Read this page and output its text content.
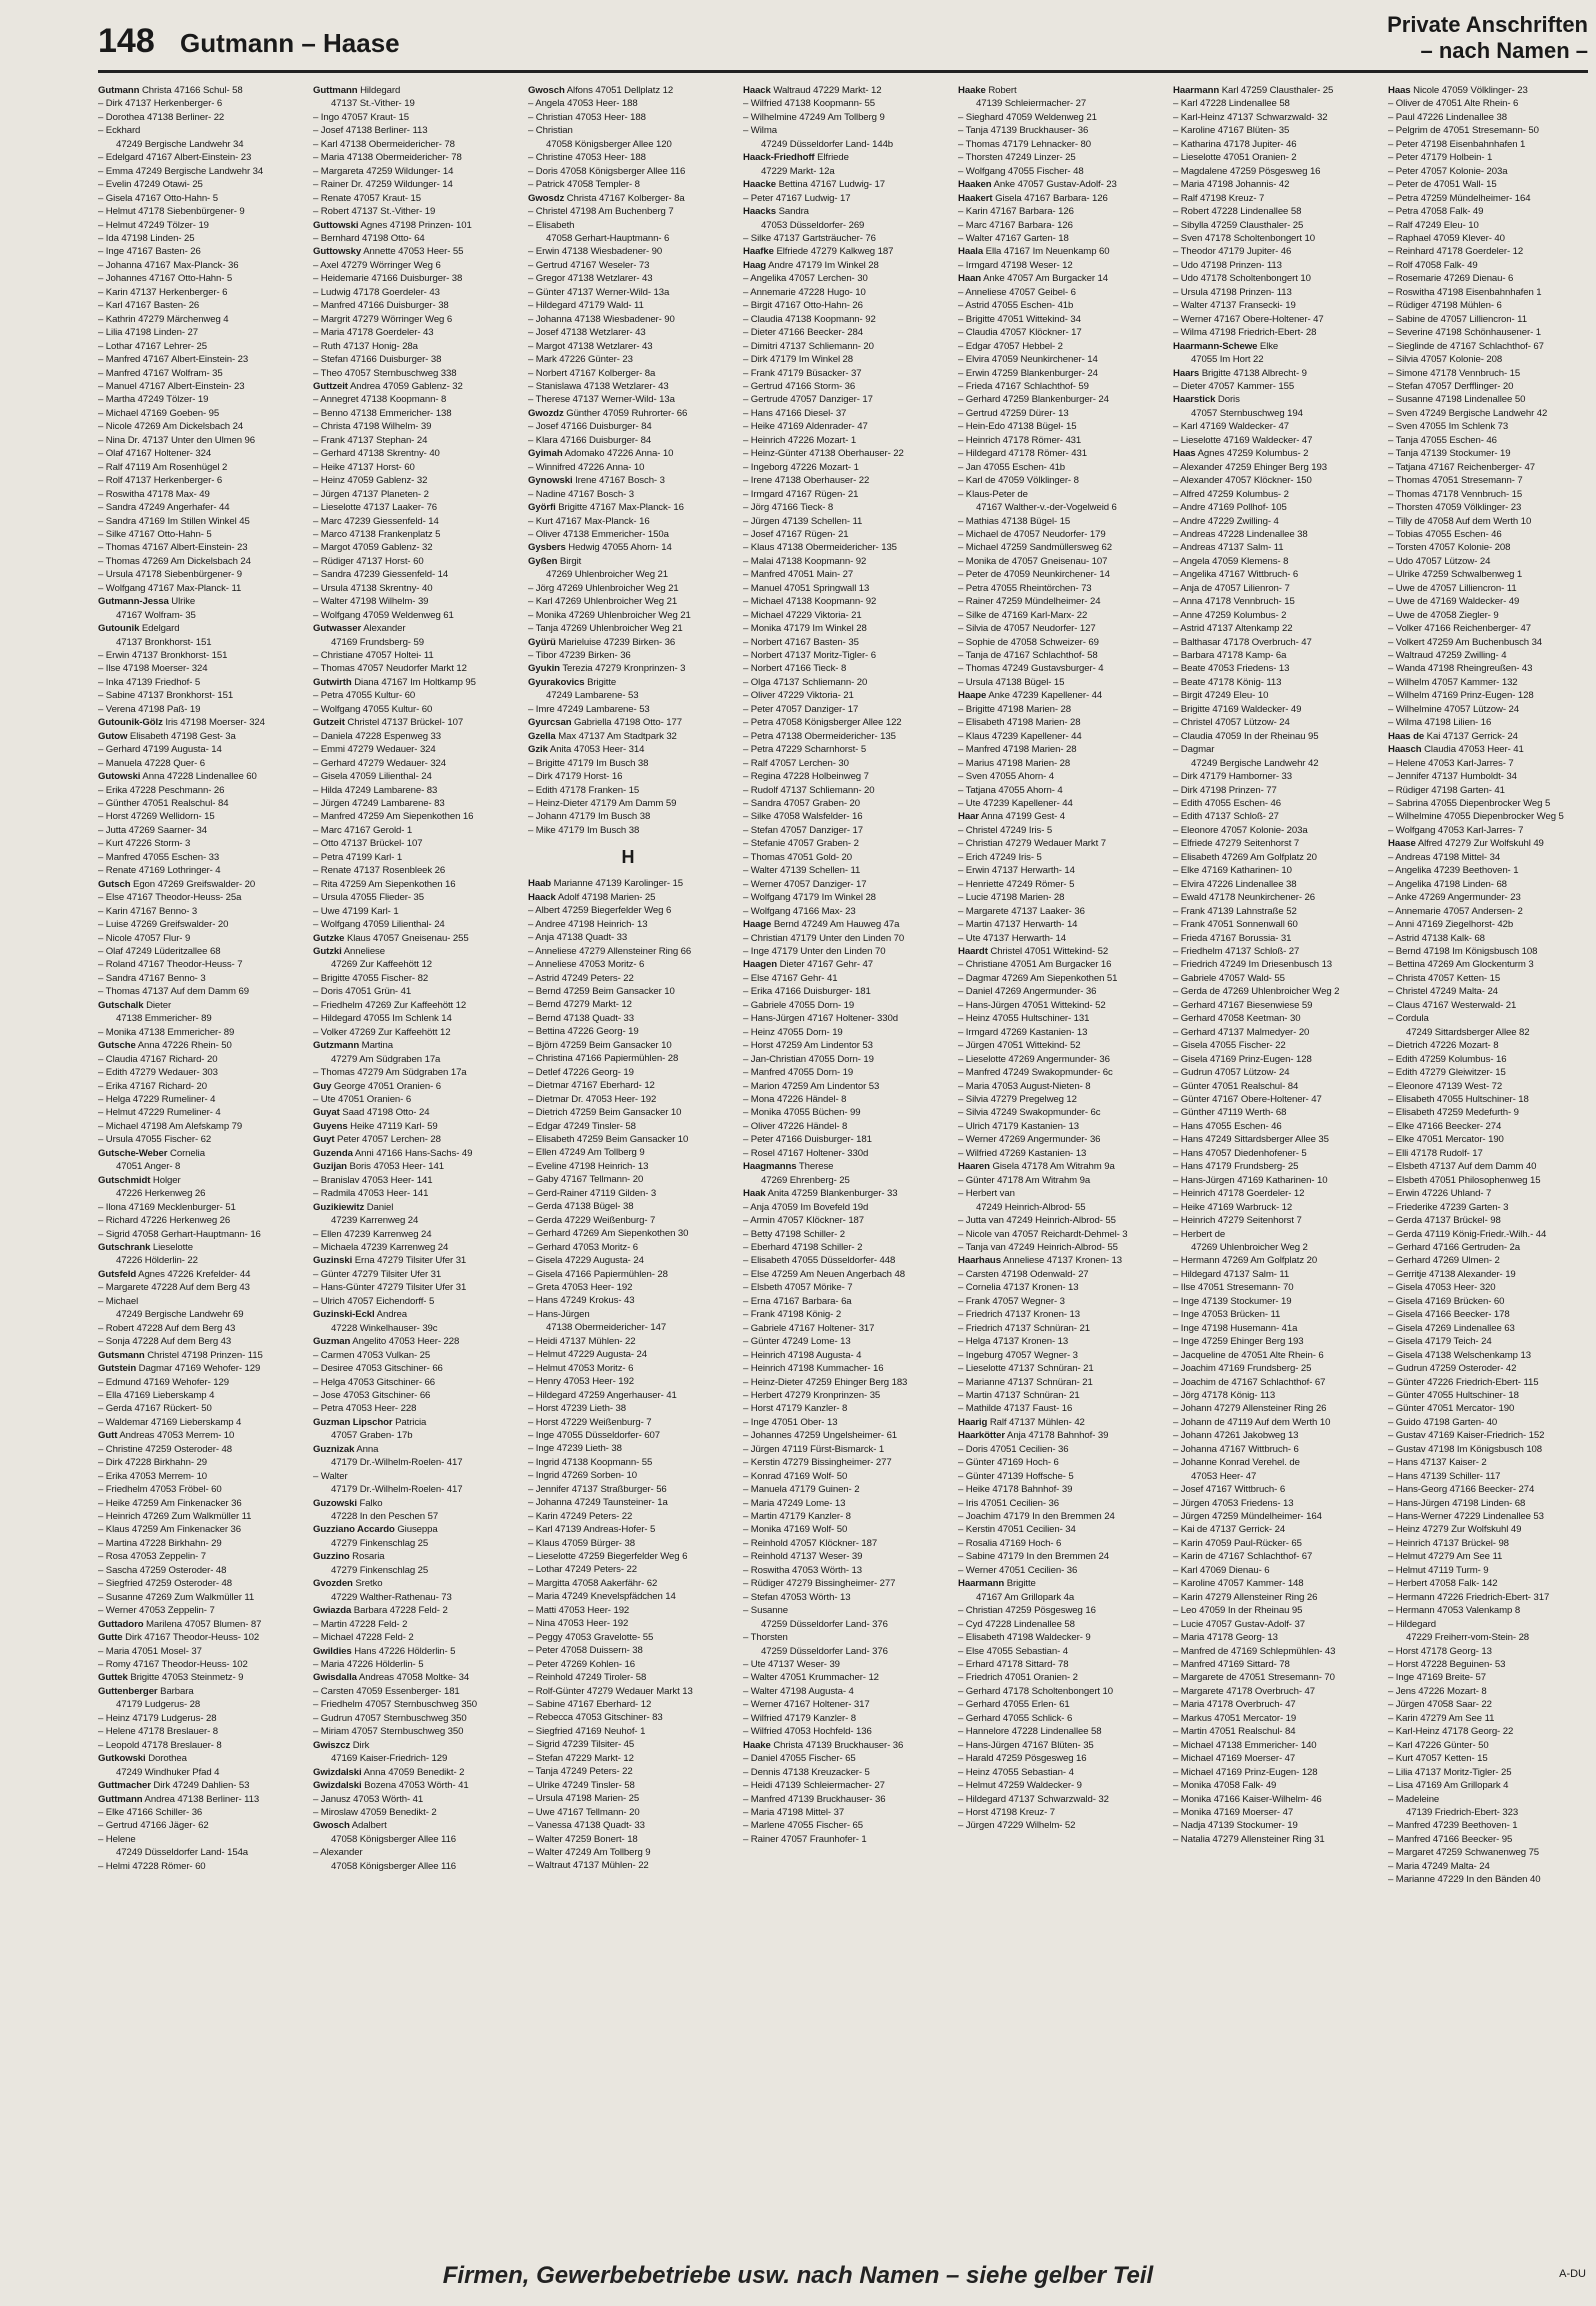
148 Gutmann – Haase
Private Anschriften
– nach Namen –
Gutmann Christa 47166 Schul- 58
– Dirk 47137 Herkenberger- 6
– Dorothea 47138 Berliner- 22
– Eckhard
47249 Bergische Landwehr 34
– Edelgard 47167 Albert-Einstein- 23
– Emma 47249 Bergische Landwehr 34
– Evelin 47249 Otawi- 25
– Gisela 47167 Otto-Hahn- 5
– Helmut 47178 Siebenbürgener- 9
– Helmut 47249 Tölzer- 19
– Ida 47198 Linden- 25
– Inge 47167 Basten- 26
– Johanna 47167 Max-Planck- 36
– Johannes 47167 Otto-Hahn- 5
– Karin 47137 Herkenberger- 6
– Karl 47167 Basten- 26
– Kathrin 47279 Märchenweg 4
– Lilia 47198 Linden- 27
– Lothar 47167 Lehrer- 25
– Manfred 47167 Albert-Einstein- 23
– Manfred 47167 Wolfram- 35
– Manuel 47167 Albert-Einstein- 23
– Martha 47249 Tölzer- 19
– Michael 47169 Goeben- 95
– Nicole 47269 Am Dickelsbach 24
– Nina Dr. 47137 Unter den Ulmen 96
– Olaf 47167 Holtener- 324
– Ralf 47119 Am Rosenhügel 2
– Rolf 47137 Herkenberger- 6
– Roswitha 47178 Max- 49
– Sandra 47249 Angerhafer- 44
– Sandra 47169 Im Stillen Winkel 45
– Silke 47167 Otto-Hahn- 5
– Thomas 47167 Albert-Einstein- 23
– Thomas 47269 Am Dickelsbach 24
– Ursula 47178 Siebenbürgener- 9
– Wolfgang 47167 Max-Planck- 11
Gutmann-Jessa Ulrike
47167 Wolfram- 35
Gutounik Edelgard
47137 Bronkhorst- 151
– Erwin 47137 Bronkhorst- 151
– Ilse 47198 Moerser- 324
– Inka 47139 Friedhof- 5
– Sabine 47137 Bronkhorst- 151
– Verena 47198 Paß- 19
Gutounik-Gölz Iris 47198 Moerser- 324
Gutow Elisabeth 47198 Gest- 3a
– Gerhard 47199 Augusta- 14
– Manuela 47228 Quer- 6
Gutowski Anna 47228 Lindenallee 60
– Erika 47228 Peschmann- 26
– Günther 47051 Realschul- 84
– Horst 47269 Wellidorn- 15
– Jutta 47269 Saarner- 34
– Kurt 47226 Storm- 3
– Manfred 47055 Eschen- 33
– Renate 47169 Lothringer- 4
Gutsch Egon 47269 Greifswalder- 20
– Else 47167 Theodor-Heuss- 25a
– Karin 47167 Benno- 3
– Luise 47269 Greifswalder- 20
– Nicole 47057 Flur- 9
– Olaf 47249 Lüderitzallee 68
– Roland 47167 Theodor-Heuss- 7
– Sandra 47167 Benno- 3
– Thomas 47137 Auf dem Damm 69
Gutschalk Dieter
47138 Emmericher- 89
– Monika 47138 Emmericher- 89
Gutsche Anna 47226 Rhein- 50
– Claudia 47167 Richard- 20
– Edith 47279 Wedauer- 303
– Erika 47167 Richard- 20
– Helga 47229 Rumeliner- 4
– Helmut 47229 Rumeliner- 4
– Michael 47198 Am Alefskamp 79
– Ursula 47055 Fischer- 62
Gutsche-Weber Cornelia
47051 Anger- 8
Gutschmidt Holger
47226 Herkenweg 26
– Ilona 47169 Mecklenburger- 51
– Richard 47226 Herkenweg 26
– Sigrid 47058 Gerhart-Hauptmann- 16
Gutschrank Lieselotte
47226 Hölderlin- 22
Gutsfeld Agnes 47226 Krefelder- 44
– Margarete 47228 Auf dem Berg 43
– Michael
47249 Bergische Landwehr 69
– Robert 47228 Auf dem Berg 43
– Sonja 47228 Auf dem Berg 43
Gutsmann Christel 47198 Prinzen- 115
Gutstein Dagmar 47169 Wehofer- 129
– Edmund 47169 Wehofer- 129
– Ella 47169 Lieberskamp 4
– Gerda 47167 Rückert- 50
– Waldemar 47169 Lieberskamp 4
Gutt Andreas 47053 Merrem- 10
– Christine 47259 Osteroder- 48
– Dirk 47228 Birkhahn- 29
– Erika 47053 Merrem- 10
– Friedhelm 47053 Fröbel- 60
– Heike 47259 Am Finkenacker 36
– Heinrich 47269 Zum Walkmüller 11
– Klaus 47259 Am Finkenacker 36
– Martina 47228 Birkhahn- 29
– Rosa 47053 Zeppelin- 7
– Sascha 47259 Osteroder- 48
– Siegfried 47259 Osteroder- 48
– Susanne 47269 Zum Walkmüller 11
– Werner 47053 Zeppelin- 7
Guttadoro Marilena 47057 Blumen- 87
Gutte Dirk 47167 Theodor-Heuss- 102
– Maria 47051 Mosel- 37
– Romy 47167 Theodor-Heuss- 102
Guttek Brigitte 47053 Steinmetz- 9
Guttenberger Barbara
47179 Ludgerus- 28
– Heinz 47179 Ludgerus- 28
– Helene 47178 Breslauer- 8
– Leopold 47178 Breslauer- 8
Gutkowski Dorothea
47249 Windhuker Pfad 4
Guttmacher Dirk 47249 Dahlien- 53
Guttmann Andrea 47138 Berliner- 113
– Elke 47166 Schiller- 36
– Gertrud 47166 Jäger- 62
– Helene
47249 Düsseldorfer Land- 154a
– Helmi 47228 Römer- 60
Guttmann Hildegard
47137 St.-Vither- 19
– Ingo 47057 Kraut- 15
– Josef 47138 Berliner- 113
– Karl 47138 Obermeidericher- 78
– Maria 47138 Obermeidericher- 78
– Margareta 47259 Wildunger- 14
– Rainer Dr. 47259 Wildunger- 14
– Renate 47057 Kraut- 15
– Robert 47137 St.-Vither- 19
Guttowski Agnes 47198 Prinzen- 101
– Bernhard 47198 Otto- 64
Guttowsky Annette 47053 Heer- 55
– Axel 47279 Wörringer Weg 6
– Heidemarie 47166 Duisburger- 38
– Ludwig 47178 Goerdeler- 43
– Manfred 47166 Duisburger- 38
– Margrit 47279 Wörringer Weg 6
– Maria 47178 Goerdeler- 43
– Ruth 47137 Honig- 28a
– Stefan 47166 Duisburger- 38
– Theo 47057 Sternbuschweg 338
Guttzeit Andrea 47059 Gablenz- 32
– Annegret 47138 Koopmann- 8
– Benno 47138 Emmericher- 138
– Christa 47198 Wilhelm- 39
– Frank 47137 Stephan- 24
– Gerhard 47138 Skrentny- 40
– Heike 47137 Horst- 60
– Heinz 47059 Gablenz- 32
– Jürgen 47137 Planeten- 2
– Lieselotte 47137 Laaker- 76
– Marc 47239 Giessenfeld- 14
– Marco 47138 Frankenplatz 5
– Margot 47059 Gablenz- 32
– Rüdiger 47137 Horst- 60
– Sandra 47239 Giessenfeld- 14
– Ursula 47138 Skrentny- 40
– Walter 47198 Wilhelm- 39
– Wolfgang 47059 Weldenweg 61
Gutwasser Alexander
47169 Frundsberg- 59
– Christiane 47057 Holtei- 11
– Thomas 47057 Neudorfer Markt 12
Gutwirth Diana 47167 Im Holtkamp 95
– Petra 47055 Kultur- 60
– Wolfgang 47055 Kultur- 60
Gutzeit Christel 47137 Brückel- 107
– Daniela 47228 Espenweg 33
– Emmi 47279 Wedauer- 324
– Gerhard 47279 Wedauer- 324
– Gisela 47059 Lilienthal- 24
– Hilda 47249 Lambarene- 83
– Jürgen 47249 Lambarene- 83
– Manfred 47259 Am Siepenkothen 16
– Marc 47167 Gerold- 1
– Otto 47137 Brückel- 107
– Petra 47199 Karl- 1
– Renate 47137 Rosenbleek 26
– Rita 47259 Am Siepenkothen 16
– Ursula 47055 Flieder- 35
– Uwe 47199 Karl- 1
– Wolfgang 47059 Lilienthal- 24
Gutzke Klaus 47057 Gneisenau- 255
Gutzki Anneliese
47269 Zur Kaffeehött 12
– Brigitte 47055 Fischer- 82
– Doris 47051 Grün- 41
– Friedhelm 47269 Zur Kaffeehött 12
– Hildegard 47055 Im Schlenk 14
– Volker 47269 Zur Kaffeehött 12
Gutzmann Martina
47279 Am Südgraben 17a
– Thomas 47279 Am Südgraben 17a
Guy George 47051 Oranien- 6
– Ute 47051 Oranien- 6
Guyat Saad 47198 Otto- 24
Guyens Heike 47119 Karl- 59
Guyt Peter 47057 Lerchen- 28
Guzenda Anni 47166 Hans-Sachs- 49
Guzijan Boris 47053 Heer- 141
– Branislav 47053 Heer- 141
– Radmila 47053 Heer- 141
Guzikiewitz Daniel
47239 Karrenweg 24
– Ellen 47239 Karrenweg 24
– Michaela 47239 Karrenweg 24
Guzinski Erna 47279 Tilsiter Ufer 31
– Günter 47279 Tilsiter Ufer 31
– Hans-Günter 47279 Tilsiter Ufer 31
– Ulrich 47057 Eichendorff- 5
Guzinski-Eckl Andrea
47228 Winkelhauser- 39c
Guzman Angelito 47053 Heer- 228
– Carmen 47053 Vulkan- 25
– Desiree 47053 Gitschiner- 66
– Helga 47053 Gitschiner- 66
– Jose 47053 Gitschiner- 66
– Petra 47053 Heer- 228
Guzman Lipschor Patricia
47057 Graben- 17b
Guznizak Anna
47179 Dr.-Wilhelm-Roelen- 417
– Walter
47179 Dr.-Wilhelm-Roelen- 417
Guzowski Falko
47228 In den Peschen 57
Guzziano Accardo Giuseppa
47279 Finkenschlag 25
Guzzino Rosaria
47279 Finkenschlag 25
Gvozden Sretko
47229 Walther-Rathenau- 73
Gwiazda Barbara 47228 Feld- 2
– Martin 47228 Feld- 2
– Michael 47228 Feld- 2
Gwildies Hans 47226 Hölderlin- 5
– Maria 47226 Hölderlin- 5
Gwisdalla Andreas 47058 Moltke- 34
– Carsten 47059 Essenberger- 181
– Friedhelm 47057 Sternbuschweg 350
– Gudrun 47057 Sternbuschweg 350
– Miriam 47057 Sternbuschweg 350
Gwiszcz Dirk
47169 Kaiser-Friedrich- 129
Gwizdalski Anna 47059 Benedikt- 2
Gwizdalski Bozena 47053 Wörth- 41
– Janusz 47053 Wörth- 41
– Miroslaw 47059 Benedikt- 2
Gwosch Adalbert
47058 Königsberger Allee 116
– Alexander
47058 Königsberger Allee 116
Gwosch Alfons 47051 Dellplatz 12
– Angela 47053 Heer- 188
– Christian 47053 Heer- 188
– Christian
47058 Königsberger Allee 120
– Christine 47053 Heer- 188
– Doris 47058 Königsberger Allee 116
– Patrick 47058 Templer- 8
Gwosdz Christa 47167 Kolberger- 8a
– Christel 47198 Am Buchenberg 7
– Elisabeth
47058 Gerhart-Hauptmann- 6
– Erwin 47138 Wiesbadener- 90
– Gertrud 47167 Weseler- 73
– Gregor 47138 Wetzlarer- 43
– Günter 47137 Werner-Wild- 13a
– Hildegard 47179 Wald- 11
– Johanna 47138 Wiesbadener- 90
– Josef 47138 Wetzlarer- 43
– Margot 47138 Wetzlarer- 43
– Mark 47226 Günter- 23
– Norbert 47167 Kolberger- 8a
– Stanislawa 47138 Wetzlarer- 43
– Therese 47137 Werner-Wild- 13a
Gwozdz Günther 47059 Ruhrorter- 66
– Josef 47166 Duisburger- 84
– Klara 47166 Duisburger- 84
Gyimah Adomako 47226 Anna- 10
– Winnifred 47226 Anna- 10
Gynowski Irene 47167 Bosch- 3
– Nadine 47167 Bosch- 3
Györfi Brigitte 47167 Max-Planck- 16
– Kurt 47167 Max-Planck- 16
– Oliver 47138 Emmericher- 150a
Gysbers Hedwig 47055 Ahorn- 14
Gyßen Birgit
47269 Uhlenbroicher Weg 21
– Jörg 47269 Uhlenbroicher Weg 21
– Karl 47269 Uhlenbroicher Weg 21
– Monika 47269 Uhlenbroicher Weg 21
– Tanja 47269 Uhlenbroicher Weg 21
Gyürü Marieluise 47239 Birken- 36
– Tibor 47239 Birken- 36
Gyukin Terezia 47279 Kronprinzen- 3
Gyurakovics Brigitte
47249 Lambarene- 53
– Imre 47249 Lambarene- 53
Gyurcsan Gabriella 47198 Otto- 177
Gzella Max 47137 Am Stadtpark 32
Gzik Anita 47053 Heer- 314
– Brigitte 47179 Im Busch 38
– Dirk 47179 Horst- 16
– Edith 47178 Franken- 15
– Heinz-Dieter 47179 Am Damm 59
– Johann 47179 Im Busch 38
– Mike 47179 Im Busch 38
H
Haab Marianne 47139 Karolinger- 15
Haack Adolf 47198 Marien- 25
– Albert 47259 Biegerfelder Weg 6
– Andree 47198 Heinrich- 13
– Anja 47138 Quadt- 33
– Anneliese 47279 Allensteiner Ring 66
– Anneliese 47053 Moritz- 6
– Astrid 47249 Peters- 22
– Bernd 47259 Beim Gansacker 10
– Bernd 47279 Markt- 12
– Bernd 47138 Quadt- 33
– Bettina 47226 Georg- 19
– Björn 47259 Beim Gansacker 10
– Christina 47166 Papiermühlen- 28
– Detlef 47226 Georg- 19
– Dietmar 47167 Eberhard- 12
– Dietmar Dr. 47053 Heer- 192
– Dietrich 47259 Beim Gansacker 10
– Edgar 47249 Tinsler- 58
– Elisabeth 47259 Beim Gansacker 10
– Ellen 47249 Am Tollberg 9
– Eveline 47198 Heinrich- 13
– Gaby 47167 Tellmann- 20
– Gerd-Rainer 47119 Gilden- 3
– Gerda 47138 Bügel- 38
– Gerda 47229 Weißenburg- 7
– Gerhard 47269 Am Siepenkothen 30
– Gerhard 47053 Moritz- 6
– Gisela 47229 Augusta- 24
– Gisela 47166 Papiermühlen- 28
– Greta 47053 Heer- 192
– Hans 47249 Krokus- 43
– Hans-Jürgen
47138 Obermeidericher- 147
– Heidi 47137 Mühlen- 22
– Helmut 47229 Augusta- 24
– Helmut 47053 Moritz- 6
– Henry 47053 Heer- 192
– Hildegard 47259 Angerhauser- 41
– Horst 47239 Lieth- 38
– Horst 47229 Weißenburg- 7
– Inge 47055 Düsseldorfer- 607
– Inge 47239 Lieth- 38
– Ingrid 47138 Koopmann- 55
– Ingrid 47269 Sorben- 10
– Jennifer 47137 Straßburger- 56
– Johanna 47249 Taunsteiner- 1a
– Karin 47249 Peters- 22
– Karl 47139 Andreas-Hofer- 5
– Klaus 47059 Bürger- 38
– Lieselotte 47259 Biegerfelder Weg 6
– Lothar 47249 Peters- 22
– Margitta 47058 Aakerfähr- 62
– Maria 47249 Knevelspfädchen 14
– Matti 47053 Heer- 192
– Nina 47053 Heer- 192
– Peggy 47053 Gravelotte- 55
– Peter 47058 Duissern- 38
– Peter 47269 Kohlen- 16
– Reinhold 47249 Tiroler- 58
– Rolf-Günter 47279 Wedauer Markt 13
– Sabine 47167 Eberhard- 12
– Rebecca 47053 Gitschiner- 83
– Siegfried 47169 Neuhof- 1
– Sigrid 47239 Tilsiter- 45
– Stefan 47229 Markt- 12
– Tanja 47249 Peters- 22
– Ulrike 47249 Tinsler- 58
– Ursula 47198 Marien- 25
– Uwe 47167 Tellmann- 20
– Vanessa 47138 Quadt- 33
– Walter 47259 Bonert- 18
– Walter 47249 Am Tollberg 9
– Waltraut 47137 Mühlen- 22
Haack Waltraud 47229 Markt- 12
– Wilfried 47138 Koopmann- 55
– Wilhelmine 47249 Am Tollberg 9
– Wilma
47249 Düsseldorfer Land- 144b
Haack-Friedhoff Elfriede
47229 Markt- 12a
Haacke Bettina 47167 Ludwig- 17
– Peter 47167 Ludwig- 17
Haacks Sandra
47053 Düsseldorfer- 269
– Silke 47137 Gartsträucher- 76
Haafke Elfriede 47279 Kalkweg 187
Haag Andre 47179 Im Winkel 28
– Angelika 47057 Lerchen- 30
– Annemarie 47228 Hugo- 10
– Birgit 47167 Otto-Hahn- 26
– Claudia 47138 Koopmann- 92
– Dieter 47166 Beecker- 284
– Dimitri 47137 Schliemann- 20
– Dirk 47179 Im Winkel 28
– Frank 47179 Büsacker- 37
– Gertrud 47166 Storm- 36
– Gertrude 47057 Danziger- 17
– Hans 47166 Diesel- 37
– Heike 47169 Aldenrader- 47
– Heinrich 47226 Mozart- 1
– Heinz-Günter 47138 Oberhauser- 22
– Ingeborg 47226 Mozart- 1
– Irene 47138 Oberhauser- 22
– Irmgard 47167 Rügen- 21
– Jörg 47166 Tieck- 8
– Jürgen 47139 Schellen- 11
– Josef 47167 Rügen- 21
– Klaus 47138 Obermeidericher- 135
– Malai 47138 Koopmann- 92
– Manfred 47051 Main- 27
– Manuel 47051 Springwall 13
– Michael 47138 Koopmann- 92
– Michael 47229 Viktoria- 21
– Monika 47179 Im Winkel 28
– Norbert 47167 Basten- 35
– Norbert 47137 Moritz-Tigler- 6
– Norbert 47166 Tieck- 8
– Olga 47137 Schliemann- 20
– Oliver 47229 Viktoria- 21
– Peter 47057 Danziger- 17
– Petra 47058 Königsberger Allee 122
– Petra 47138 Obermeidericher- 135
– Petra 47229 Scharnhorst- 5
– Ralf 47057 Lerchen- 30
– Regina 47228 Holbeinweg 7
– Rudolf 47137 Schliemann- 20
– Sandra 47057 Graben- 20
– Silke 47058 Walsfelder- 16
– Stefan 47057 Danziger- 17
– Stefanie 47057 Graben- 2
– Thomas 47051 Gold- 20
– Walter 47139 Schellen- 11
– Werner 47057 Danziger- 17
– Wolfgang 47179 Im Winkel 28
– Wolfgang 47166 Max- 23
Haage Bernd 47249 Am Hauweg 47a
– Christian 47179 Unter den Linden 70
– Inge 47179 Unter den Linden 70
Haagen Dieter 47167 Gehr- 47
– Else 47167 Gehr- 41
– Erika 47166 Duisburger- 181
– Gabriele 47055 Dorn- 19
– Hans-Jürgen 47167 Holtener- 330d
– Heinz 47055 Dorn- 19
– Horst 47259 Am Lindentor 53
– Jan-Christian 47055 Dorn- 19
– Manfred 47055 Dorn- 19
– Marion 47259 Am Lindentor 53
– Mona 47226 Händel- 8
– Monika 47055 Büchen- 99
– Oliver 47226 Händel- 8
– Peter 47166 Duisburger- 181
– Rosel 47167 Holtener- 330d
Haagmanns Therese
47269 Ehrenberg- 25
Haak Anita 47259 Blankenburger- 33
– Anja 47059 Im Bovefeld 19d
– Armin 47057 Klöckner- 187
– Betty 47198 Schiller- 2
– Eberhard 47198 Schiller- 2
– Elisabeth 47055 Düsseldorfer- 448
– Else 47259 Am Neuen Angerbach 48
– Elsbeth 47057 Mörike- 7
– Erna 47167 Barbara- 6a
– Frank 47198 König- 2
– Gabriele 47167 Holtener- 317
– Günter 47249 Lome- 13
– Heinrich 47198 Augusta- 4
– Heinrich 47198 Kummacher- 16
– Heinz-Dieter 47259 Ehinger Berg 183
– Herbert 47279 Kronprinzen- 35
– Horst 47179 Kanzler- 8
– Inge 47051 Ober- 13
– Johannes 47259 Ungelsheimer- 61
– Jürgen 47119 Fürst-Bismarck- 1
– Kerstin 47279 Bissingheimer- 277
– Konrad 47169 Wolf- 50
– Manuela 47179 Guinen- 2
– Maria 47249 Lome- 13
– Martin 47179 Kanzler- 8
– Monika 47169 Wolf- 50
– Reinhold 47057 Klöckner- 187
– Reinhold 47137 Weser- 39
– Roswitha 47053 Wörth- 13
– Rüdiger 47279 Bissingheimer- 277
– Stefan 47053 Wörth- 13
– Susanne
47259 Düsseldorfer Land- 376
– Thorsten
47259 Düsseldorfer Land- 376
– Ute 47137 Weser- 39
– Walter 47051 Krummacher- 12
– Walter 47198 Augusta- 4
– Werner 47167 Holtener- 317
– Wilfried 47179 Kanzler- 8
– Wilfried 47053 Hochfeld- 136
Haake Christa 47139 Bruckhauser- 36
– Daniel 47055 Fischer- 65
– Dennis 47138 Kreuzacker- 5
– Heidi 47139 Schleiermacher- 27
– Manfred 47139 Bruckhauser- 36
– Maria 47198 Mittel- 37
– Marlene 47055 Fischer- 65
– Rainer 47057 Fraunhofer- 1
Haake Robert
47139 Schleiermacher- 27
– Sieghard 47059 Weldenweg 21
– Tanja 47139 Bruckhauser- 36
– Thomas 47179 Lehnacker- 80
– Thorsten 47249 Linzer- 25
– Wolfgang 47055 Fischer- 48
Haaken Anke 47057 Gustav-Adolf- 23
Haakert Gisela 47167 Barbara- 126
– Karin 47167 Barbara- 126
– Marc 47167 Barbara- 126
– Walter 47167 Garten- 18
Haala Ella 47167 Im Neuenkamp 60
– Irmgard 47198 Weser- 12
Haan Anke 47057 Am Burgacker 14
– Anneliese 47057 Geibel- 6
– Astrid 47055 Eschen- 41b
– Brigitte 47051 Wittekind- 34
– Claudia 47057 Klöckner- 17
– Edgar 47057 Hebbel- 2
– Elvira 47059 Neunkirchener- 14
– Erwin 47259 Blankenburger- 24
– Frieda 47167 Schlachthof- 59
– Gerhard 47259 Blankenburger- 24
– Gertrud 47259 Dürer- 13
– Hein-Edo 47138 Bügel- 15
– Heinrich 47178 Römer- 431
– Hildegard 47178 Römer- 431
– Jan 47055 Eschen- 41b
– Karl de 47059 Völklinger- 8
– Klaus-Peter de
47167 Walther-v.-der-Vogelweid 6
– Mathias 47138 Bügel- 15
– Michael de 47057 Neudorfer- 179
– Michael 47259 Sandmüllersweg 62
– Monika de 47057 Gneisenau- 107
– Peter de 47059 Neunkirchener- 14
– Petra 47055 Rheintörchen- 73
– Rainer 47259 Mündelheimer- 24
– Silke de 47169 Karl-Marx- 22
– Silvia de 47057 Neudorfer- 127
– Sophie de 47058 Schweizer- 69
– Tanja de 47167 Schlachthof- 58
– Thomas 47249 Gustavsburger- 4
– Ursula 47138 Bügel- 15
Haape Anke 47239 Kapellener- 44
– Brigitte 47198 Marien- 28
– Elisabeth 47198 Marien- 28
– Klaus 47239 Kapellener- 44
– Manfred 47198 Marien- 28
– Marius 47198 Marien- 28
– Sven 47055 Ahorn- 4
– Tatjana 47055 Ahorn- 4
– Ute 47239 Kapellener- 44
Haar Anna 47199 Gest- 4
– Christel 47249 Iris- 5
– Christian 47279 Wedauer Markt 7
– Erich 47249 Iris- 5
– Erwin 47137 Herwarth- 14
– Henriette 47249 Römer- 5
– Lucie 47198 Marien- 28
– Margarete 47137 Laaker- 36
– Martin 47137 Herwarth- 14
– Ute 47137 Herwarth- 14
Haardt Christel 47051 Wittekind- 52
– Christiane 47051 Am Burgacker 16
– Dagmar 47269 Am Siepenkothen 51
– Daniel 47269 Angermunder- 36
– Hans-Jürgen 47051 Wittekind- 52
– Heinz 47055 Hultschiner- 131
– Irmgard 47269 Kastanien- 13
– Jürgen 47051 Wittekind- 52
– Lieselotte 47269 Angermunder- 36
– Manfred 47249 Swakopmunder- 6c
– Maria 47053 August-Nieten- 8
– Silvia 47279 Pregelweg 12
– Silvia 47249 Swakopmunder- 6c
– Ulrich 47179 Kastanien- 13
– Werner 47269 Angermunder- 36
– Wilfried 47269 Kastanien- 13
Haaren Gisela 47178 Am Witrahm 9a
– Günter 47178 Am Witrahm 9a
– Herbert van
47249 Heinrich-Albrod- 55
– Jutta van 47249 Heinrich-Albrod- 55
– Nicole van 47057 Reichardt-Dehmel- 3
– Tanja van 47249 Heinrich-Albrod- 55
Haarhaus Anneliese 47137 Kronen- 13
– Carsten 47198 Odenwald- 27
– Cornelia 47137 Kronen- 13
– Frank 47057 Wegner- 3
– Friedrich 47137 Kronen- 13
– Friedrich 47137 Schnüran- 21
– Helga 47137 Kronen- 13
– Ingeburg 47057 Wegner- 3
– Lieselotte 47137 Schnüran- 21
– Marianne 47137 Schnüran- 21
– Martin 47137 Schnüran- 21
– Mathilde 47137 Faust- 16
Haarig Ralf 47137 Mühlen- 42
Haarkötter Anja 47178 Bahnhof- 39
– Doris 47051 Cecilien- 36
– Günter 47169 Hoch- 6
– Günter 47139 Hoffsche- 5
– Heike 47178 Bahnhof- 39
– Iris 47051 Cecilien- 36
– Joachim 47179 In den Bremmen 24
– Kerstin 47051 Cecilien- 34
– Rosalia 47169 Hoch- 6
– Sabine 47179 In den Bremmen 24
– Werner 47051 Cecilien- 36
Haarmann Brigitte
47167 Am Grillopark 4a
– Christian 47259 Pösgesweg 16
– Cyd 47228 Lindenallee 58
– Elisabeth 47198 Waldecker- 9
– Else 47055 Sebastian- 4
– Erhard 47178 Sittard- 78
– Friedrich 47051 Oranien- 2
– Gerhard 47178 Scholtenbongert 10
– Gerhard 47055 Erlen- 61
– Gerhard 47055 Schlick- 6
– Hannelore 47228 Lindenallee 58
– Hans-Jürgen 47167 Blüten- 35
– Harald 47259 Pösgesweg 16
– Heinz 47055 Sebastian- 4
– Helmut 47259 Waldecker- 9
– Hildegard 47137 Schwarzwald- 32
– Horst 47198 Kreuz- 7
– Jürgen 47229 Wilhelm- 52
Haarmann Karl 47259 Clausthaler- 25
– Karl 47228 Lindenallee 58
– Karl-Heinz 47137 Schwarzwald- 32
– Karoline 47167 Blüten- 35
– Katharina 47178 Jupiter- 46
– Lieselotte 47051 Oranien- 2
– Magdalene 47259 Pösgesweg 16
– Maria 47198 Johannis- 42
– Ralf 47198 Kreuz- 7
– Robert 47228 Lindenallee 58
– Sibylla 47259 Clausthaler- 25
– Sven 47178 Scholtenbongert 10
– Theodor 47179 Jupiter- 46
– Udo 47198 Prinzen- 113
– Udo 47178 Scholtenbongert 10
– Ursula 47198 Prinzen- 113
– Walter 47137 Fransecki- 19
– Werner 47167 Obere-Holtener- 47
– Wilma 47198 Friedrich-Ebert- 28
Haarmann-Schewe Elke
47055 Im Hort 22
Haars Brigitte 47138 Albrecht- 9
– Dieter 47057 Kammer- 155
Haarstick Doris
47057 Sternbuschweg 194
– Karl 47169 Waldecker- 47
– Lieselotte 47169 Waldecker- 47
Haas Agnes 47259 Kolumbus- 2
– Alexander 47259 Ehinger Berg 193
– Alexander 47057 Klöckner- 150
– Alfred 47259 Kolumbus- 2
– Andre 47169 Pollhof- 105
– Andre 47229 Zwilling- 4
– Andreas 47228 Lindenallee 38
– Andreas 47137 Salm- 11
– Angela 47059 Klemens- 8
– Angelika 47167 Wittbruch- 6
– Anja de 47057 Lilienron- 7
– Anna 47178 Vennbruch- 15
– Anne 47259 Kolumbus- 2
– Astrid 47137 Altenkamp 22
– Balthasar 47178 Overbruch- 47
– Barbara 47178 Kamp- 6a
– Beate 47053 Friedens- 13
– Beate 47178 König- 113
– Birgit 47249 Eleu- 10
– Brigitte 47169 Waldecker- 49
– Christel 47057 Lützow- 24
– Claudia 47059 In der Rheinau 95
– Dagmar
47249 Bergische Landwehr 42
– Dirk 47179 Hamborner- 33
– Dirk 47198 Prinzen- 77
– Edith 47055 Eschen- 46
– Edith 47137 Schloß- 27
– Eleonore 47057 Kolonie- 203a
– Elfriede 47279 Seitenhorst 7
– Elisabeth 47269 Am Golfplatz 20
– Elke 47169 Katharinen- 10
– Elvira 47226 Lindenallee 38
– Ewald 47178 Neunkirchener- 26
– Frank 47139 Lahnstraße 52
– Frank 47051 Sonnenwall 60
– Frieda 47167 Borussia- 31
– Friedhelm 47137 Schloß- 27
– Friedrich 47249 Im Driesenbusch 13
– Gabriele 47057 Wald- 55
– Gerda de 47269 Uhlenbroicher Weg 2
– Gerhard 47167 Biesenwiese 59
– Gerhard 47058 Keetman- 30
– Gerhard 47137 Malmedyer- 20
– Gisela 47055 Fischer- 22
– Gisela 47169 Prinz-Eugen- 128
– Gudrun 47057 Lützow- 24
– Günter 47051 Realschul- 84
– Günter 47167 Obere-Holtener- 47
– Günther 47119 Werth- 68
– Hans 47055 Eschen- 46
– Hans 47249 Sittardsberger Allee 35
– Hans 47057 Diedenhofener- 5
– Hans 47179 Frundsberg- 25
– Hans-Jürgen 47169 Katharinen- 10
– Heinrich 47178 Goerdeler- 12
– Heike 47169 Warbruck- 12
– Heinrich 47279 Seitenhorst 7
– Herbert de
47269 Uhlenbroicher Weg 2
– Hermann 47269 Am Golfplatz 20
– Hildegard 47137 Salm- 11
– Ilse 47051 Stresemann- 70
– Inge 47139 Stockumer- 19
– Inge 47053 Brücken- 11
– Inge 47198 Husemann- 41a
– Inge 47259 Ehinger Berg 193
– Jacqueline de 47051 Alte Rhein- 6
– Joachim 47169 Frundsberg- 25
– Joachim de 47167 Schlachthof- 67
– Jörg 47178 König- 113
– Johann 47279 Allensteiner Ring 26
– Johann de 47119 Auf dem Werth 10
– Johann 47261 Jakobweg 13
– Johanna 47167 Wittbruch- 6
– Johanne Konrad Verehel. de
47053 Heer- 47
– Josef 47167 Wittbruch- 6
– Jürgen 47053 Friedens- 13
– Jürgen 47259 Mündelheimer- 164
– Kai de 47137 Gerrick- 24
– Karin 47059 Paul-Rücker- 65
– Karin de 47167 Schlachthof- 67
– Karl 47069 Dienau- 6
– Karoline 47057 Kammer- 148
– Karin 47279 Allensteiner Ring 26
– Leo 47059 In der Rheinau 95
– Lucie 47057 Gustav-Adolf- 37
– Maria 47178 Georg- 13
– Manfred de 47169 Schlepmühlen- 43
– Manfred 47169 Sittard- 78
– Margarete de 47051 Stresemann- 70
– Margarete 47178 Overbruch- 47
– Maria 47178 Overbruch- 47
– Markus 47051 Mercator- 19
– Martin 47051 Realschul- 84
– Michael 47138 Emmericher- 140
– Michael 47169 Moerser- 47
– Michael 47169 Prinz-Eugen- 128
– Monika 47058 Falk- 49
– Monika 47166 Kaiser-Wilhelm- 46
– Monika 47169 Moerser- 47
– Nadja 47139 Stockumer- 19
– Natalia 47279 Allensteiner Ring 31
Haas Nicole 47059 Völklinger- 23
– Oliver de 47051 Alte Rhein- 6
– Paul 47226 Lindenallee 38
– Pelgrim de 47051 Stresemann- 50
– Peter 47198 Eisenbahnhafen 1
– Peter 47179 Holbein- 1
– Peter 47057 Kolonie- 203a
– Peter de 47051 Wall- 15
– Petra 47259 Mündelheimer- 164
– Petra 47058 Falk- 49
– Ralf 47249 Eleu- 10
– Raphael 47059 Klever- 40
– Reinhard 47178 Goerdeler- 12
– Rolf 47058 Falk- 49
– Rosemarie 47269 Dienau- 6
– Roswitha 47198 Eisenbahnhafen 1
– Rüdiger 47198 Mühlen- 6
– Sabine de 47057 Lilliencron- 11
– Severine 47198 Schönhausener- 1
– Sieglinde de 47167 Schlachthof- 67
– Silvia 47057 Kolonie- 208
– Simone 47178 Vennbruch- 15
– Stefan 47057 Derfflinger- 20
– Susanne 47198 Lindenallee 50
– Sven 47249 Bergische Landwehr 42
– Sven 47055 Im Schlenk 73
– Tanja 47055 Eschen- 46
– Tanja 47139 Stockumer- 19
– Tatjana 47167 Reichenberger- 47
– Thomas 47051 Stresemann- 7
– Thomas 47178 Vennbruch- 15
– Thorsten 47059 Völklinger- 23
– Tilly de 47058 Auf dem Werth 10
– Tobias 47055 Eschen- 46
– Torsten 47057 Kolonie- 208
– Udo 47057 Lützow- 24
– Ulrike 47259 Schwalbenweg 1
– Uwe de 47057 Lilliencron- 11
– Uwe de 47169 Waldecker- 49
– Uwe de 47058 Ziegler- 9
– Volker 47166 Reichenberger- 47
– Volkert 47259 Am Buchenbusch 34
– Waltraud 47259 Zwilling- 4
– Wanda 47198 Rheingreußen- 43
– Wilhelm 47057 Kammer- 132
– Wilhelm 47169 Prinz-Eugen- 128
– Wilhelmine 47057 Lützow- 24
– Wilma 47198 Lilien- 16
Haas de Kai 47137 Gerrick- 24
Haasch Claudia 47053 Heer- 41
– Helene 47053 Karl-Jarres- 7
– Jennifer 47137 Humboldt- 34
– Rüdiger 47198 Garten- 41
– Sabrina 47055 Diepenbrocker Weg 5
– Wilhelmine 47055 Diepenbrocker Weg 5
– Wolfgang 47053 Karl-Jarres- 7
Haase Alfred 47279 Zur Wolfskuhl 49
– Andreas 47198 Mittel- 34
– Angelika 47239 Beethoven- 1
– Angelika 47198 Linden- 68
– Anke 47269 Angermunder- 23
– Annemarie 47057 Andersen- 2
– Anni 47169 Ziegelhorst- 42b
– Astrid 47138 Kalk- 68
– Bernd 47198 Im Königsbusch 108
– Bettina 47269 Am Glockenturm 3
– Christa 47057 Ketten- 15
– Christel 47249 Malta- 24
– Claus 47167 Westerwald- 21
– Cordula
47249 Sittardsberger Allee 82
– Dietrich 47226 Mozart- 8
– Edith 47259 Kolumbus- 16
– Edith 47279 Gleiwitzer- 15
– Eleonore 47139 West- 72
– Elisabeth 47055 Hultschiner- 18
– Elisabeth 47259 Medefurth- 9
– Elke 47166 Beecker- 274
– Elke 47051 Mercator- 190
– Elli 47178 Rudolf- 17
– Elsbeth 47137 Auf dem Damm 40
– Elsbeth 47051 Philosophenweg 15
– Erwin 47226 Uhland- 7
– Friederike 47239 Garten- 3
– Gerda 47137 Brückel- 98
– Gerda 47119 König-Friedr.-Wilh.- 44
– Gerhard 47166 Gertruden- 2a
– Gerhard 47269 Ulmen- 2
– Gerritje 47138 Alexander- 19
– Gisela 47053 Heer- 320
– Gisela 47169 Brücken- 60
– Gisela 47166 Beecker- 178
– Gisela 47269 Lindenallee 63
– Gisela 47179 Teich- 24
– Gisela 47138 Welschenkamp 13
– Gudrun 47259 Osteroder- 42
– Günter 47226 Friedrich-Ebert- 115
– Günter 47055 Hultschiner- 18
– Günter 47051 Mercator- 190
– Guido 47198 Garten- 40
– Gustav 47169 Kaiser-Friedrich- 152
– Gustav 47198 Im Königsbusch 108
– Hans 47137 Kaiser- 2
– Hans 47139 Schiller- 117
– Hans-Georg 47166 Beecker- 274
– Hans-Jürgen 47198 Linden- 68
– Hans-Werner 47229 Lindenallee 53
– Heinz 47279 Zur Wolfskuhl 49
– Heinrich 47137 Brückel- 98
– Helmut 47279 Am See 11
– Helmut 47119 Turm- 9
– Herbert 47058 Falk- 142
– Hermann 47226 Friedrich-Ebert- 317
– Hermann 47053 Valenkamp 8
– Hildegard
47229 Freiherr-vom-Stein- 28
– Horst 47178 Georg- 13
– Horst 47228 Beguinen- 53
– Inge 47169 Breite- 57
– Jens 47226 Mozart- 8
– Jürgen 47058 Saar- 22
– Karin 47279 Am See 11
– Karl-Heinz 47178 Georg- 22
– Karl 47226 Günter- 50
– Kurt 47057 Ketten- 15
– Lilia 47137 Moritz-Tigler- 25
– Lisa 47169 Am Grillopark 4
– Madeleine
47139 Friedrich-Ebert- 323
– Manfred 47239 Beethoven- 1
– Manfred 47166 Beecker- 95
– Margaret 47259 Schwanenweg 75
– Maria 47249 Malta- 24
– Marianne 47229 In den Bänden 40
Firmen, Gewerbebetriebe usw. nach Namen – siehe gelber Teil	A-DU
